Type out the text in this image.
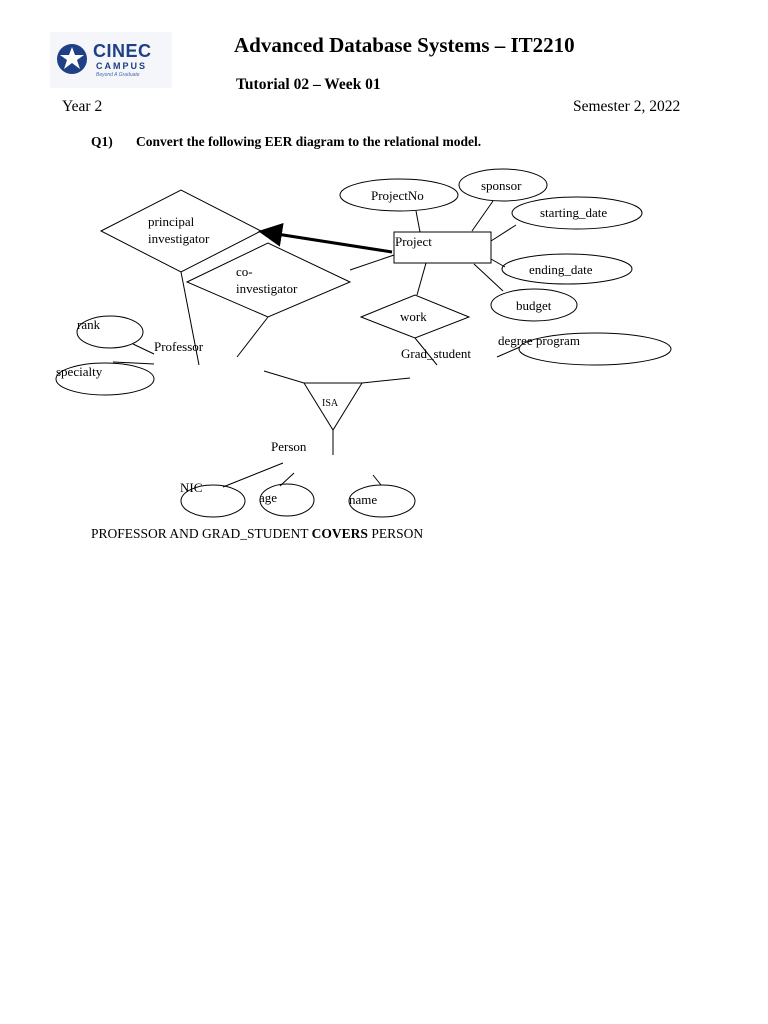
CINEC
CAMPUS
Beyond A Graduate
Advanced Database Systems – IT2210
Tutorial 02 – Week 01
Year 2	Semester 2, 2022
Q1) Convert the following EER diagram to the relational model.
principal
investigator
co-
investigator
work
Project
ProjectNo
sponsor
starting_date
ending_date
budget
degree program
Grad_student
Professor
rank
specialty
ISA
Person
NIC
age	name
PROFESSOR AND GRAD_STUDENT COVERS PERSON
